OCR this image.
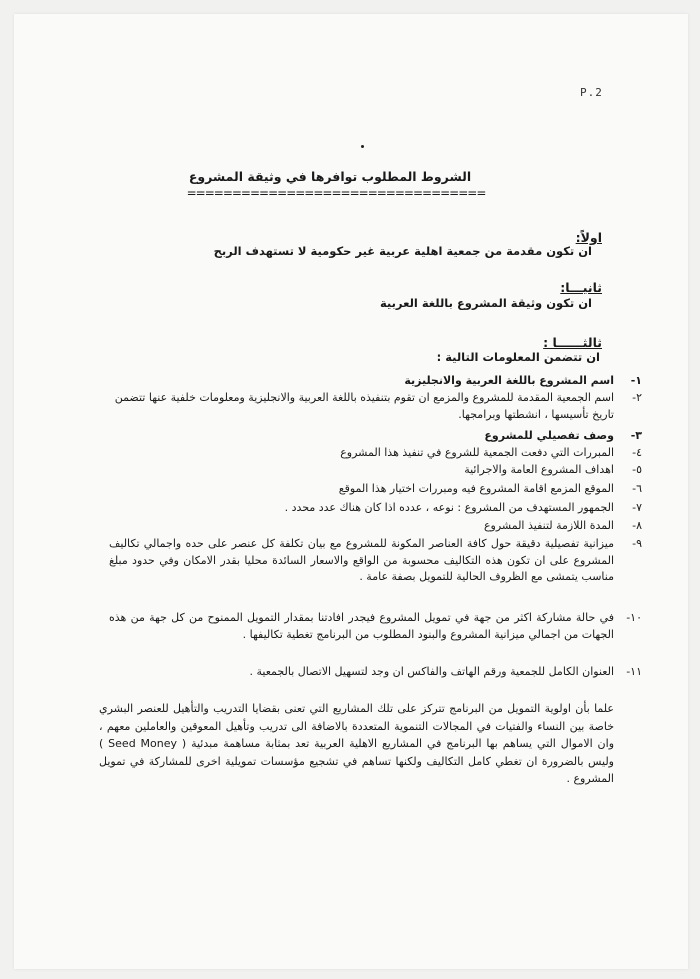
P.2
الشروط المطلوب توافرها في وثيقة المشروع
=================================
اولاً:
ان تكون مقدمة من جمعية اهلية عربية غير حكومية لا تستهدف الربح
ثانيـــا:
ان تكون وثيقة المشروع باللغة العربية
ثالثــــــا :
ان تتضمن المعلومات التالية :
١-
اسم المشروع باللغة العربية والانجليزية
٢-
اسم الجمعية المقدمة للمشروع والمزمع ان تقوم بتنفيذه باللغة العربية والانجليزية ومعلومات خلفية عنها تتضمن تاريخ تأسيسها ، انشطتها وبرامجها.
٣-
وصف تفصيلي للمشروع
٤-
المبررات التي دفعت الجمعية للشروع في تنفيذ هذا المشروع
٥-
اهداف المشروع العامة والاجرائية
٦-
الموقع المزمع اقامة المشروع فيه ومبررات اختيار هذا الموقع
٧-
الجمهور المستهدف من المشروع : نوعه ، عدده اذا كان هناك عدد محدد .
٨-
المدة اللازمة لتنفيذ المشروع
٩-
ميزانية تفصيلية دقيقة حول كافة العناصر المكونة للمشروع مع بيان تكلفة كل عنصر على حده واجمالي تكاليف المشروع على ان تكون هذه التكاليف محسوبة من الواقع والاسعار السائدة محليا بقدر الامكان وفي حدود مبلغ مناسب يتمشى مع الظروف الحالية للتمويل بصفة عامة .
١٠-
في حالة مشاركة اكثر من جهة في تمويل المشروع فيجدر افادتنا بمقدار التمويل الممنوح من كل جهة من هذه الجهات من اجمالي ميزانية المشروع والبنود المطلوب من البرنامج تغطية تكاليفها .
١١-
العنوان الكامل للجمعية ورقم الهاتف والفاكس ان وجد لتسهيل الاتصال بالجمعية .
علما بأن اولوية التمويل من البرنامج تتركز على تلك المشاريع التي تعنى بقضايا التدريب والتأهيل للعنصر البشري خاصة بين النساء والفتيات في المجالات التنموية المتعددة بالاضافة الى تدريب وتأهيل المعوقين والعاملين معهم ، وان الاموال التي يساهم بها البرنامج في المشاريع الاهلية العربية تعد بمثابة مساهمة مبدئية ( Seed Money ) وليس بالضرورة ان تغطي كامل التكاليف ولكنها تساهم في تشجيع مؤسسات تمويلية اخرى للمشاركة في تمويل المشروع .
